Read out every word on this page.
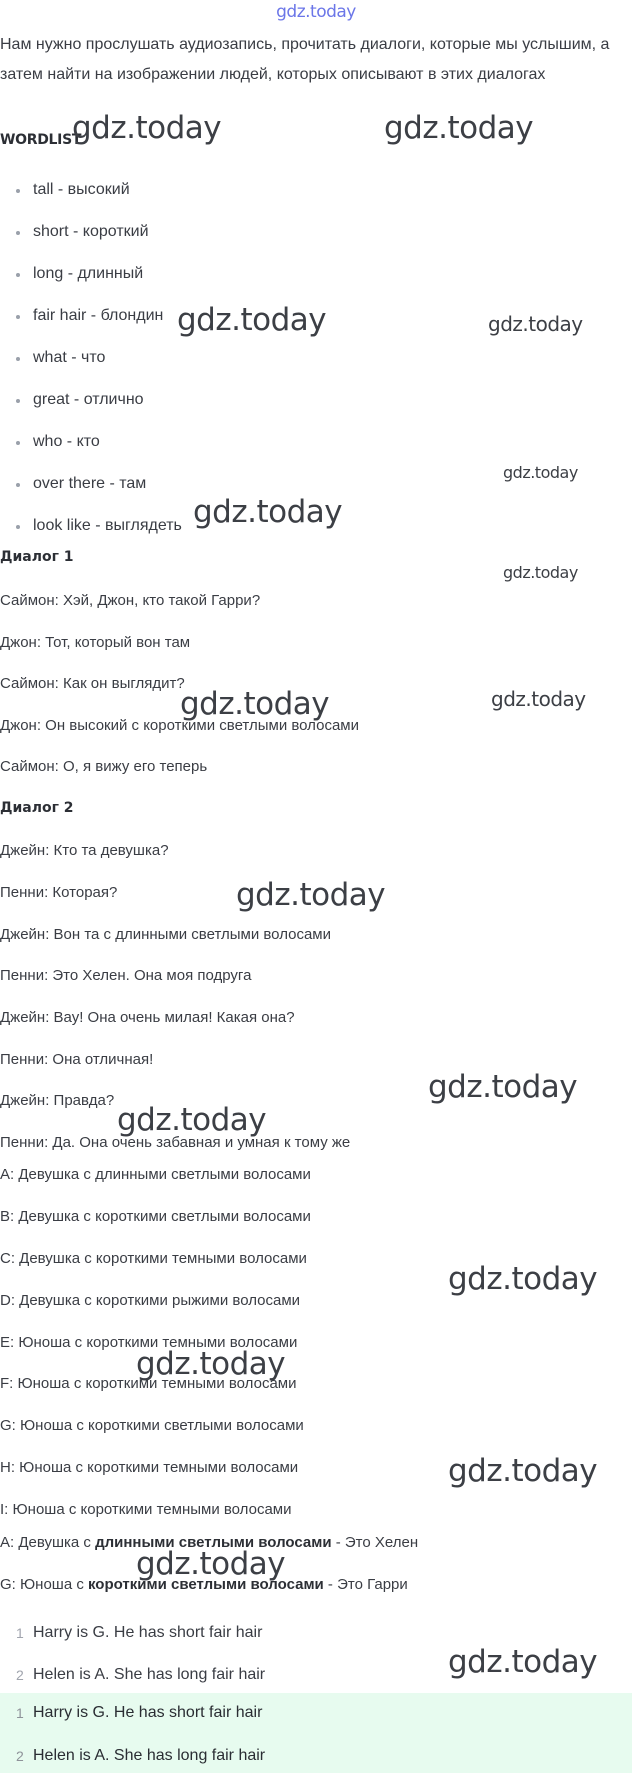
gdz.today
Нам нужно прослушать аудиозапись, прочитать диалоги, которые мы услышим, а затем найти на изображении людей, которых описывают в этих диалогах
WORDLIST
tall - высокий
short - короткий
long - длинный
fair hair - блондин
what - что
great - отлично
who - кто
over there - там
look like - выглядеть
Диалог 1
Саймон: Хэй, Джон, кто такой Гарри?
Джон: Тот, который вон там
Саймон: Как он выглядит?
Джон: Он высокий с короткими светлыми волосами
Саймон: О, я вижу его теперь
Диалог 2
Джейн: Кто та девушка?
Пенни: Которая?
Джейн: Вон та с длинными светлыми волосами
Пенни: Это Хелен. Она моя подруга
Джейн: Вау! Она очень милая! Какая она?
Пенни: Она отличная!
Джейн: Правда?
Пенни: Да. Она очень забавная и умная к тому же
A: Девушка с длинными светлыми волосами
B: Девушка с короткими светлыми волосами
C: Девушка с короткими темными волосами
D: Девушка с короткими рыжими волосами
E: Юноша с короткими темными волосами
F: Юноша с короткими темными волосами
G: Юноша с короткими светлыми волосами
H: Юноша с короткими темными волосами
I: Юноша с короткими темными волосами
A: Девушка с длинными светлыми волосами - Это Хелен
G: Юноша с короткими светлыми волосами - Это Гарри
1 Harry is G. He has short fair hair
2 Helen is A. She has long fair hair
1 Harry is G. He has short fair hair
2 Helen is A. She has long fair hair
gdz.today	gdz.today
gdz.today	gdz.today
gdz.today
gdz.today
gdz.today
gdz.today	gdz.today
gdz.today
gdz.today
gdz.today
gdz.today
gdz.today
gdz.today
gdz.today
gdz.today
